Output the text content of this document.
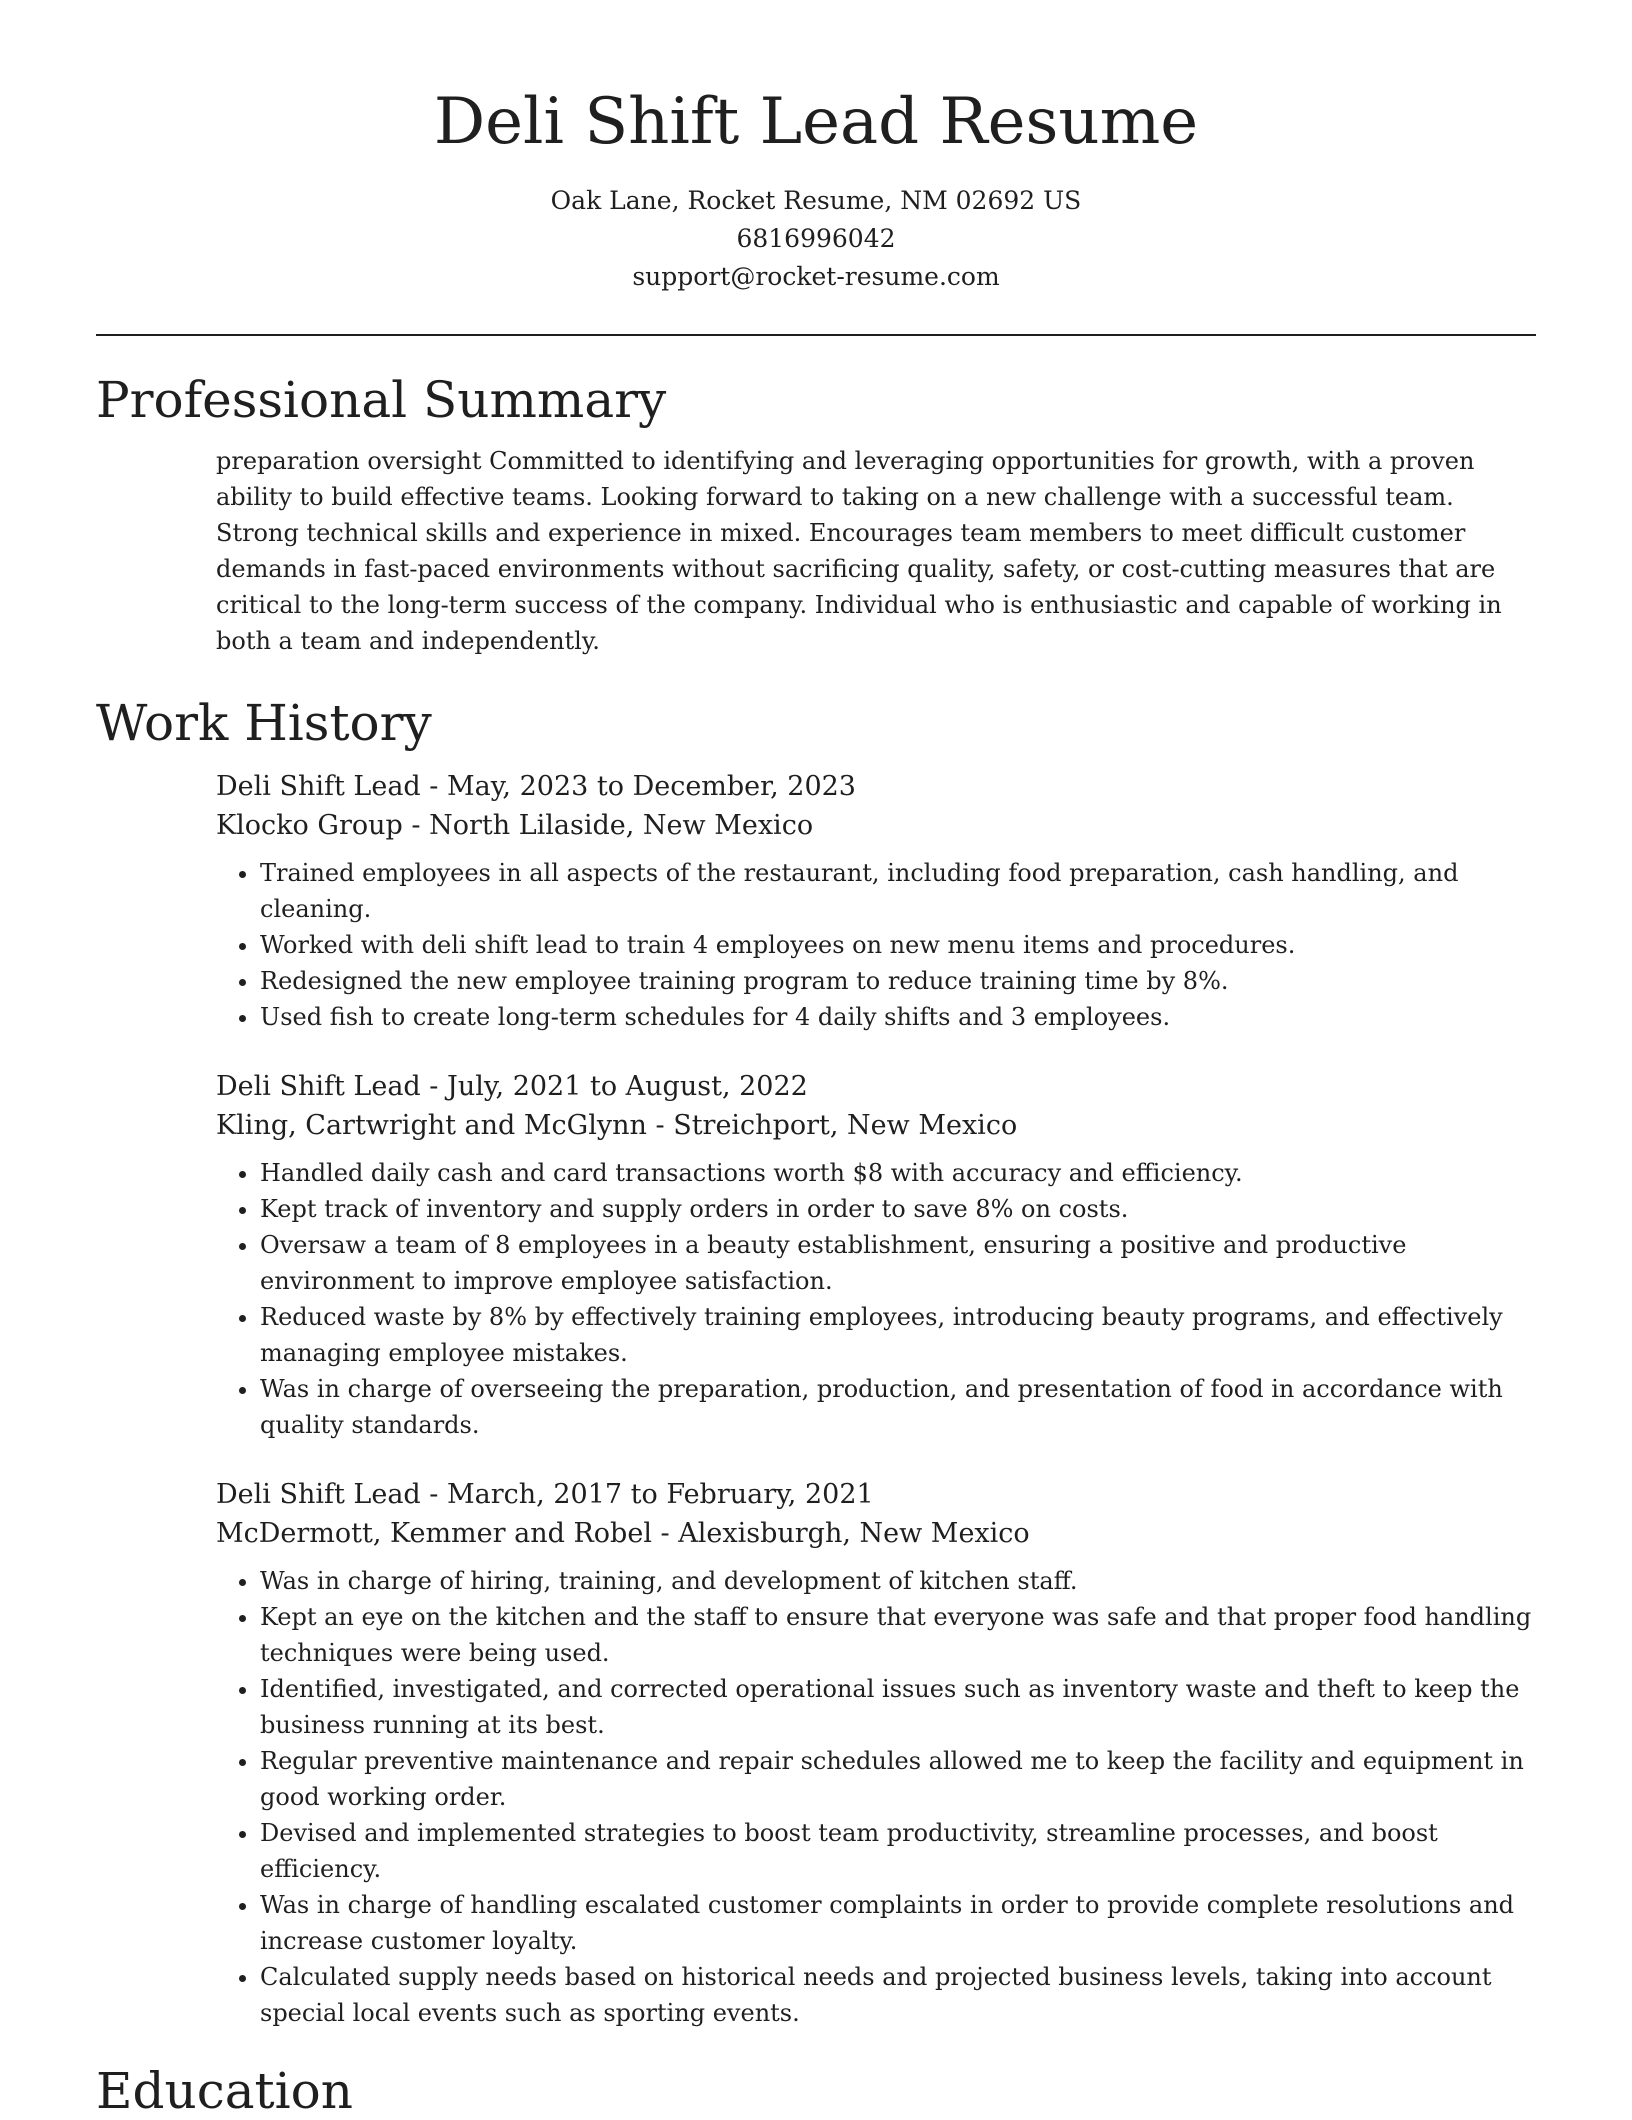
Deli Shift Lead Resume

Oak Lane, Rocket Resume, NM 02692 US

6816996042

support@rocket-resume.com

Professional Summary

preparation oversight Committed to identifying and leveraging opportunities for growth, with a proven ability to build effective teams. Looking forward to taking on a new challenge with a successful team. Strong technical skills and experience in mixed. Encourages team members to meet difficult customer demands in fast-paced environments without sacrificing quality, safety, or cost-cutting measures that are critical to the long-term success of the company. Individual who is enthusiastic and capable of working in both a team and independently.

Work History

Deli Shift Lead - May, 2023 to December, 2023

Klocko Group - North Lilaside, New Mexico

• Trained employees in all aspects of the restaurant, including food preparation, cash handling, and cleaning.
• Worked with deli shift lead to train 4 employees on new menu items and procedures.
• Redesigned the new employee training program to reduce training time by 8%.
• Used fish to create long-term schedules for 4 daily shifts and 3 employees.

Deli Shift Lead - July, 2021 to August, 2022

Kling, Cartwright and McGlynn - Streichport, New Mexico

• Handled daily cash and card transactions worth $8 with accuracy and efficiency.
• Kept track of inventory and supply orders in order to save 8% on costs.
• Oversaw a team of 8 employees in a beauty establishment, ensuring a positive and productive environment to improve employee satisfaction.
• Reduced waste by 8% by effectively training employees, introducing beauty programs, and effectively managing employee mistakes.
• Was in charge of overseeing the preparation, production, and presentation of food in accordance with quality standards.

Deli Shift Lead - March, 2017 to February, 2021

McDermott, Kemmer and Robel - Alexisburgh, New Mexico

• Was in charge of hiring, training, and development of kitchen staff.
• Kept an eye on the kitchen and the staff to ensure that everyone was safe and that proper food handling techniques were being used.
• Identified, investigated, and corrected operational issues such as inventory waste and theft to keep the business running at its best.
• Regular preventive maintenance and repair schedules allowed me to keep the facility and equipment in good working order.
• Devised and implemented strategies to boost team productivity, streamline processes, and boost efficiency.
• Was in charge of handling escalated customer complaints in order to provide complete resolutions and increase customer loyalty.
• Calculated supply needs based on historical needs and projected business levels, taking into account special local events such as sporting events.
Education
